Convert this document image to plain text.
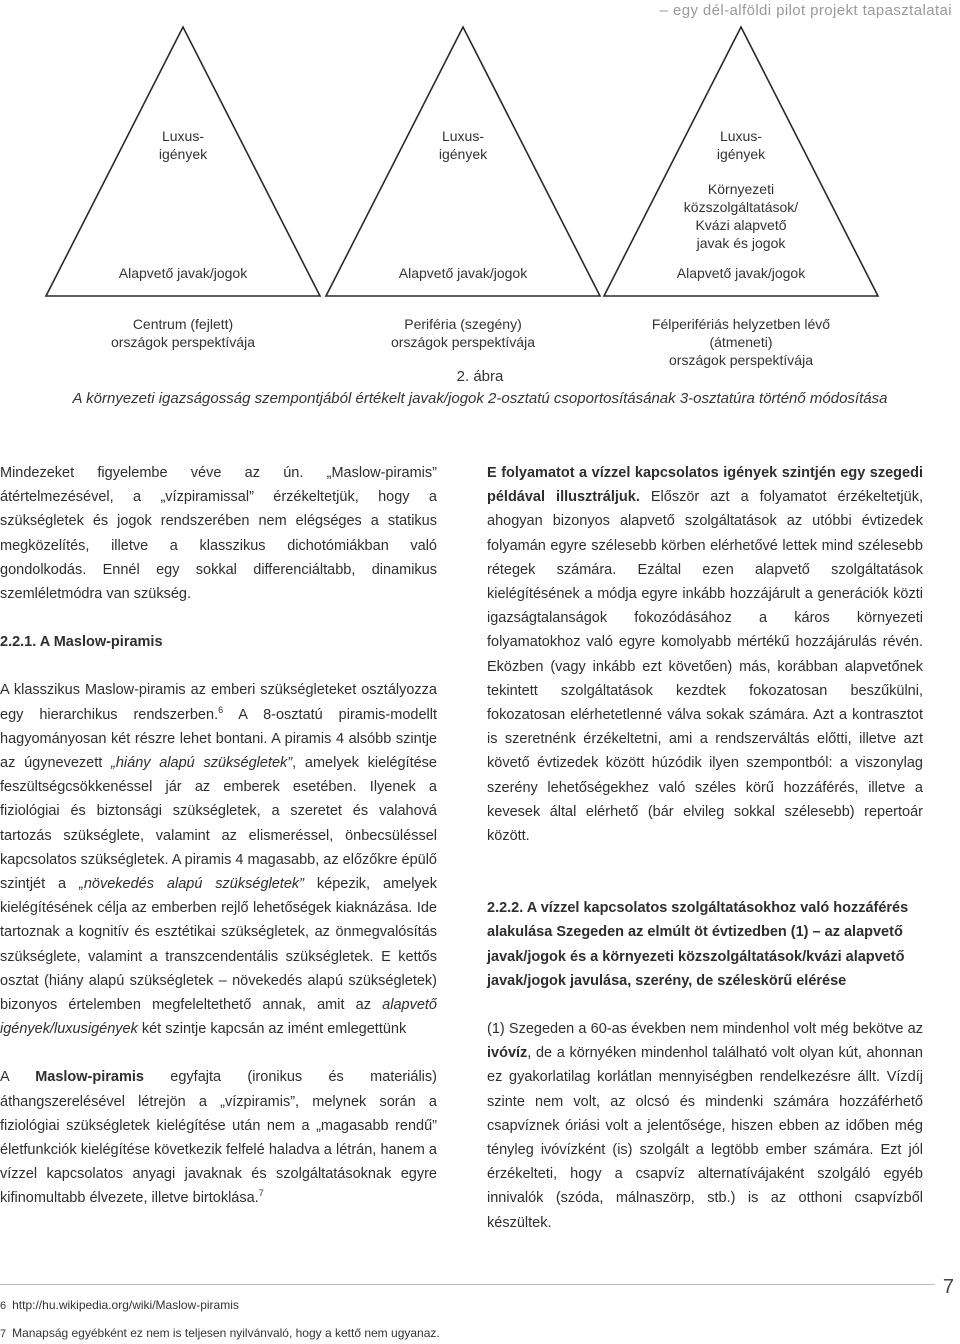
– egy dél-alföldi pilot projekt tapasztalatai
Luxus-
igények
Alapvető javak/jogok
Centrum (fejlett)
országok perspektívája
Luxus-
igények
Alapvető javak/jogok
Periféria (szegény)
országok perspektívája
Luxus-
igények
Környezeti
közszolgáltatások/
Kvázi alapvető
javak és jogok
Alapvető javak/jogok
Félperifériás helyzetben lévő
(átmeneti)
országok perspektívája
2. ábra
A környezeti igazságosság szempontjából értékelt javak/jogok 2-osztatú csoportosításának 3-osztatúra történő módosítása

Mindezeket figyelembe véve az ún. „Maslow-piramis” átértelmezésével, a „vízpiramissal” érzékeltetjük, hogy a szükségletek és jogok rendszerében nem elégséges a statikus megközelítés, illetve a klasszikus dichotómiákban való gondolkodás. Ennél egy sokkal differenciáltabb, dinamikus szemléletmódra van szükség.

2.2.1. A Maslow-piramis

A klasszikus Maslow-piramis az emberi szükségleteket osztályozza egy hierarchikus rendszerben.$^6$ A 8-osztatú piramis-modellt hagyományosan két részre lehet bontani. A piramis 4 alsóbb szintje az úgynevezett „hiány alapú szükségletek”, amelyek kielégítése feszültségcsökkenéssel jár az emberek esetében. Ilyenek a fiziológiai és biztonsági szükségletek, a szeretet és valahová tartozás szükséglete, valamint az elismeréssel, önbecsüléssel kapcsolatos szükségletek. A piramis 4 magasabb, az előzőkre épülő szintjét a „növekedés alapú szükségletek” képezik, amelyek kielégítésének célja az emberben rejlő lehetőségek kiaknázása. Ide tartoznak a kognitív és esztétikai szükségletek, az önmegvalósítás szükséglete, valamint a transzcendentális szükségletek. E kettős osztat (hiány alapú szükségletek – növekedés alapú szükségletek) bizonyos értelemben megfeleltethető annak, amit az alapvető igények/luxusigények két szintje kapcsán az imént emlegettünk

A Maslow-piramis egyfajta (ironikus és materiális) áthangszerelésével létrejön a „vízpiramis”, melynek során a fiziológiai szükségletek kielégítése után nem a „magasabb rendű” életfunkciók kielégítése következik felfelé haladva a létrán, hanem a vízzel kapcsolatos anyagi javaknak és szolgáltatásoknak egyre kifinomultabb élvezete, illetve birtoklása.$^7$

E folyamatot a vízzel kapcsolatos igények szintjén egy szegedi példával illusztráljuk. Először azt a folyamatot érzékeltetjük, ahogyan bizonyos alapvető szolgáltatások az utóbbi évtizedek folyamán egyre szélesebb körben elérhetővé lettek mind szélesebb rétegek számára. Ezáltal ezen alapvető szolgáltatások kielégítésének a módja egyre inkább hozzájárult a generációk közti igazságtalanságok fokozódásához a káros környezeti folyamatokhoz való egyre komolyabb mértékű hozzájárulás révén. Eközben (vagy inkább ezt követően) más, korábban alapvetőnek tekintett szolgáltatások kezdtek fokozatosan beszűkülni, fokozatosan elérhetetlenné válva sokak számára. Azt a kontrasztot is szeretnénk érzékeltetni, ami a rendszerváltás előtti, illetve azt követő évtizedek között húzódik ilyen szempontból: a viszonylag szerény lehetőségekhez való széles körű hozzáférés, illetve a kevesek által elérhető (bár elvileg sokkal szélesebb) repertoár között.

2.2.2. A vízzel kapcsolatos szolgáltatásokhoz való hozzáférés alakulása Szegeden az elmúlt öt évtizedben (1) – az alapvető javak/jogok és a környezeti közszolgáltatások/kvázi alapvető javak/jogok javulása, szerény, de széleskörű elérése

(1) Szegeden a 60-as években nem mindenhol volt még bekötve az ivóvíz, de a környéken mindenhol található volt olyan kút, ahonnan ez gyakorlatilag korlátlan mennyiségben rendelkezésre állt. Vízdíj szinte nem volt, az olcsó és mindenki számára hozzáférhető csapvíznek óriási volt a jelentősége, hiszen ebben az időben még tényleg ivóvízként (is) szolgált a legtöbb ember számára. Ezt jól érzékelteti, hogy a csapvíz alternatívájaként szolgáló egyéb innivalók (szóda, málnaszörp, stb.) is az otthoni csapvízből készültek.

7
6 http://hu.wikipedia.org/wiki/Maslow-piramis
7 Manapság egyébként ez nem is teljesen nyilvánvaló, hogy a kettő nem ugyanaz.
